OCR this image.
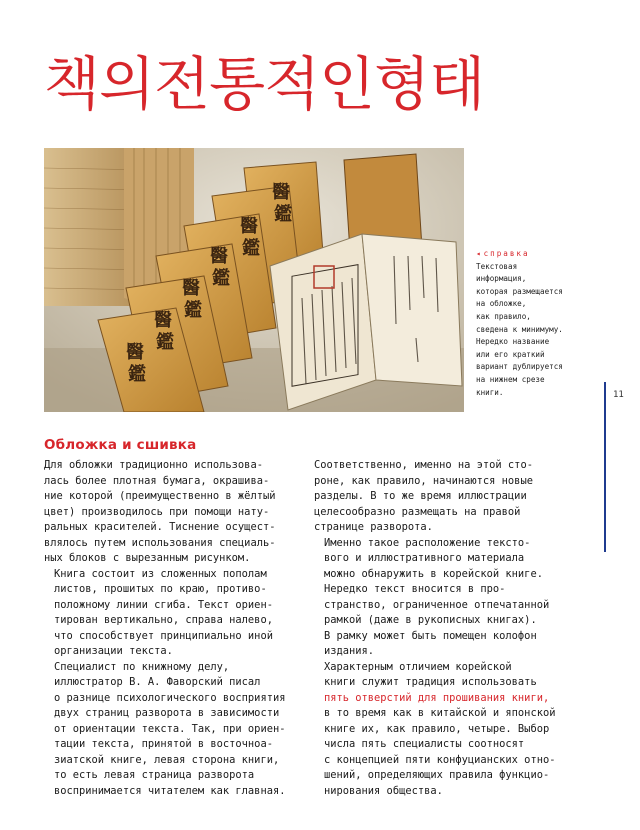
책의전통적인형태
醫
鑑
醫
鑑
醫
鑑
醫
鑑
醫
鑑
醫
鑑
◂ справка
Текстовая
информация,
которая размещается
на обложке,
как правило,
сведена к минимуму.
Нередко название
или его краткий
вариант дублируется
на нижнем срезе
книги.	11
Обложка и сшивка

Для обложки традиционно использова-
лась более плотная бумага, окрашива-
ние которой (преимущественно в жёлтый
цвет) производилось при помощи нату-
ральных красителей. Тиснение осущест-
влялось путем использования специаль-
ных блоков с вырезанным рисунком.

Книга состоит из сложенных пополам
листов, прошитых по краю, противо-
положному линии сгиба. Текст ориен-
тирован вертикально, справа налево,
что способствует принципиально иной
организации текста.

Специалист по книжному делу,
иллюстратор В. А. Фаворский писал
о разнице психологического восприятия
двух страниц разворота в зависимости
от ориентации текста. Так, при ориен-
тации текста, принятой в восточноа-
зиатской книге, левая сторона книги,
то есть левая страница разворота
воспринимается читателем как главная.

Соответственно, именно на этой сто-
роне, как правило, начинаются новые
разделы. В то же время иллюстрации
целесообразно размещать на правой
странице разворота.

Именно такое расположение тексто-
вого и иллюстративного материала
можно обнаружить в корейской книге.

Нередко текст вносится в про-
странство, ограниченное отпечатанной
рамкой (даже в рукописных книгах).
В рамку может быть помещен колофон
издания.

Характерным отличием корейской
книги служит традиция использовать
пять отверстий для прошивания книги,
в то время как в китайской и японской
книге их, как правило, четыре. Выбор
числа пять специалисты соотносят
с концепцией пяти конфуцианских отно-
шений, определяющих правила функцио-
нирования общества.
